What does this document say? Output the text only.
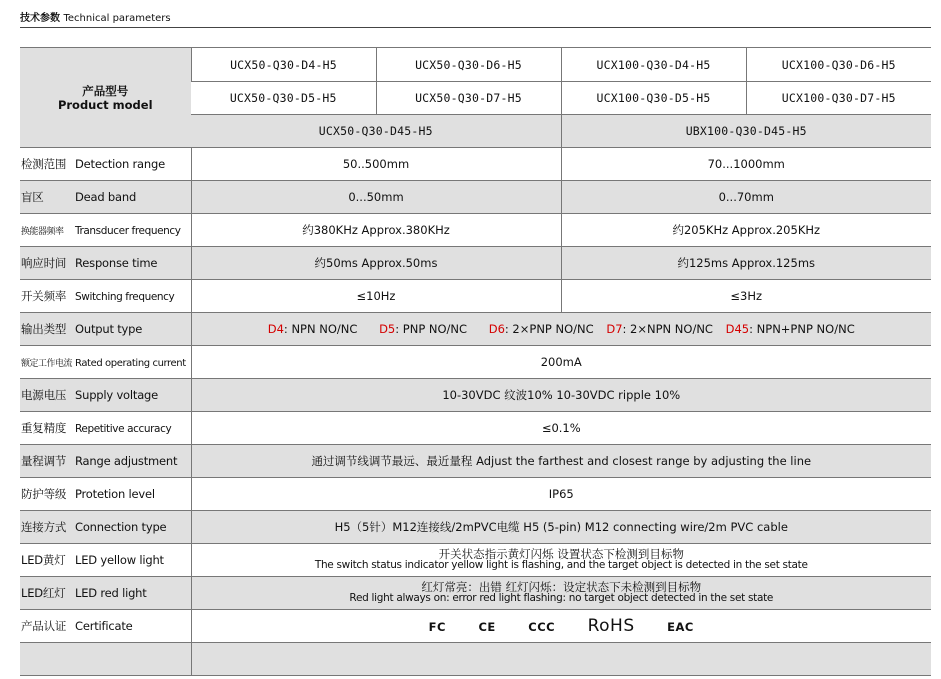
技术参数 Technical parameters
产品型号
Product model	UCX50-Q30-D4-H5	UCX50-Q30-D6-H5	UCX100-Q30-D4-H5	UCX100-Q30-D6-H5
	UCX50-Q30-D5-H5	UCX50-Q30-D7-H5	UCX100-Q30-D5-H5	UCX100-Q30-D7-H5
	UCX50-Q30-D45-H5		UBX100-Q30-D45-H5	
检测范围 Detection range	50..500mm		70...1000mm	
盲区 Dead band	0...50mm		0...70mm	
换能器频率 Transducer frequency	约380KHz Approx.380KHz		约205KHz Approx.205KHz	
响应时间 Response time	约50ms Approx.50ms		约125ms Approx.125ms	
开关频率 Switching frequency	≤10Hz		≤3Hz	
输出类型 Output type	D4: NPN NO/NC D5: PNP NO/NC D6: 2×PNP NO/NC D7: 2×NPN NO/NC D45: NPN+PNP NO/NC			
额定工作电流 Rated operating current	200mA			
电源电压 Supply voltage	10-30VDC 纹波10% 10-30VDC ripple 10%			
重复精度 Repetitive accuracy	≤0.1%			
量程调节 Range adjustment	通过调节线调节最远、最近量程 Adjust the farthest and closest range by adjusting the line			
防护等级 Protetion level	IP65			
连接方式 Connection type	H5（5针）M12连接线/2mPVC电缆 H5 (5-pin) M12 connecting wire/2m PVC cable			
LED黄灯 LED yellow light	开关状态指示黄灯闪烁 设置状态下检测到目标物
The switch status indicator yellow light is flashing, and the target object is detected in the set state			

LED红灯 LED red light	红灯常亮：出错 红灯闪烁：设定状态下未检测到目标物
Red light always on: error red light flashing: no target object detected in the set state			

产品认证 Certificate	FC CE CCC RoHS EAC			
